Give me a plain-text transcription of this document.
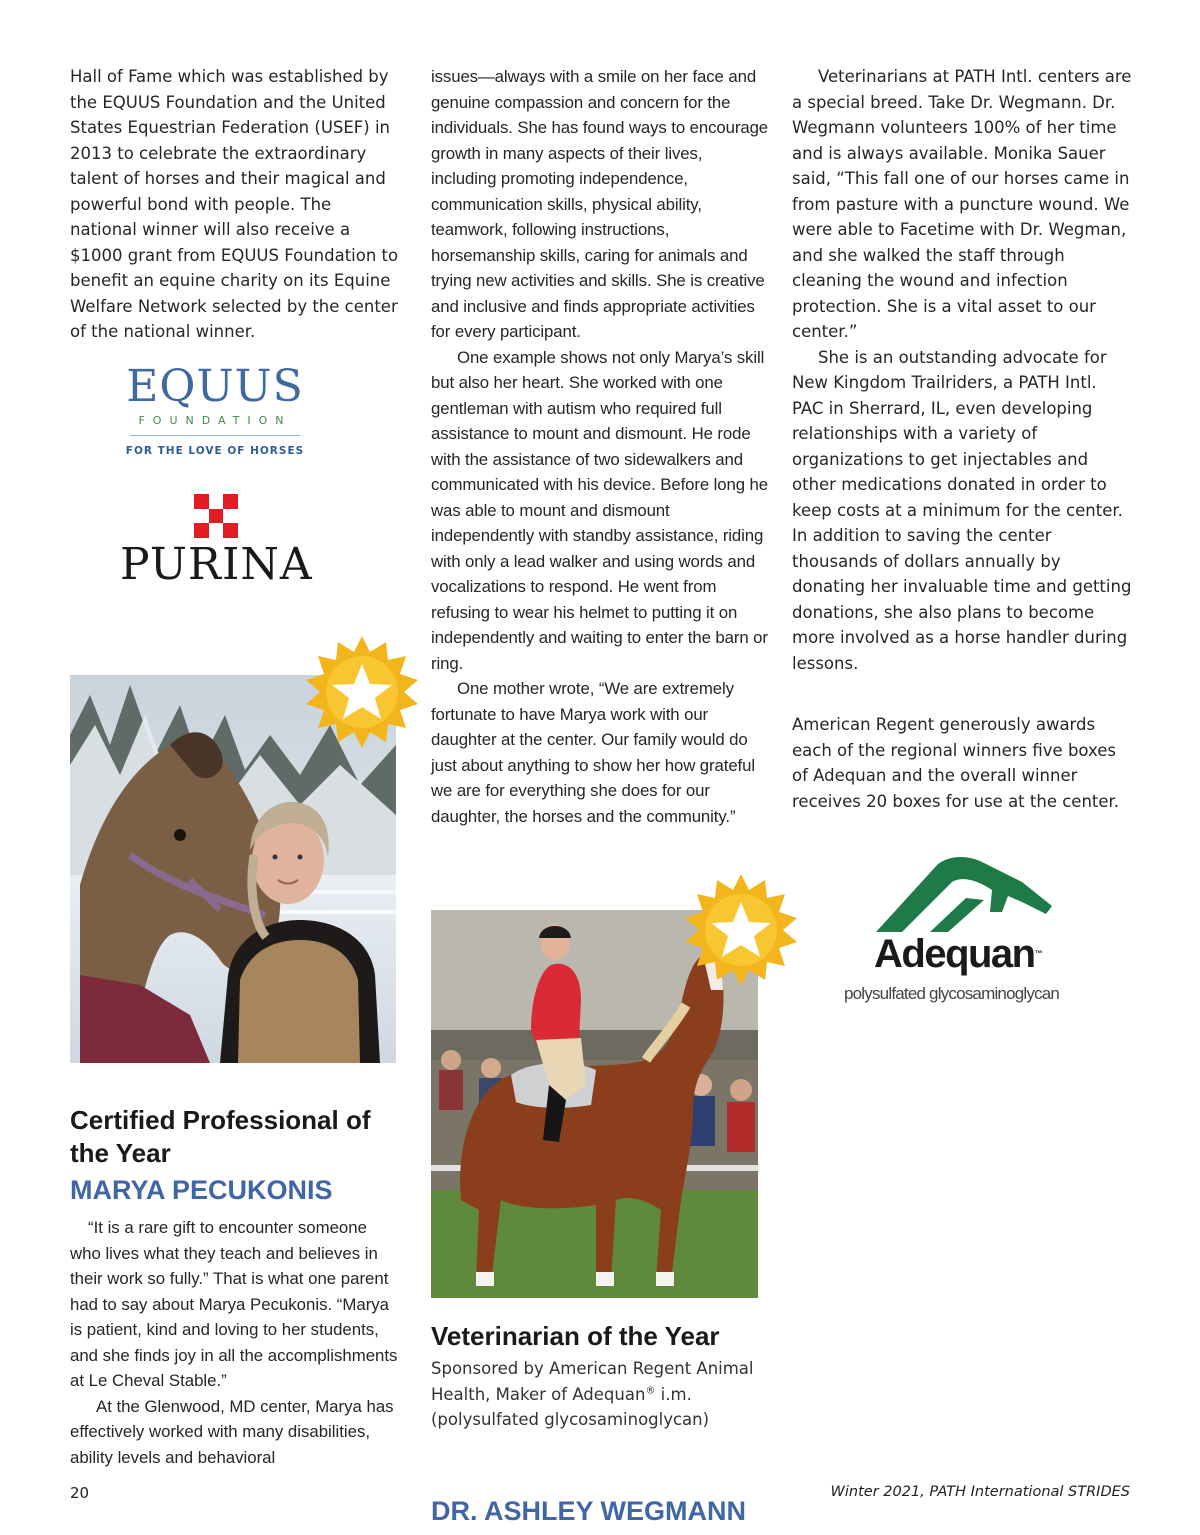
Hall of Fame which was established by the EQUUS Foundation and the United States Equestrian Federation (USEF) in 2013 to celebrate the extraordinary talent of horses and their magical and powerful bond with people. The national winner will also receive a $1000 grant from EQUUS Foundation to benefit an equine charity on its Equine Welfare Network selected by the center of the national winner.

EQUUS
FOUNDATION
FOR THE LOVE OF HORSES
PURINA
Certified Professional of the Year
MARYA PECUKONIS

“It is a rare gift to encounter someone who lives what they teach and believes in their work so fully.” That is what one parent had to say about Marya Pecukonis. “Marya is patient, kind and loving to her students, and she finds joy in all the accomplishments at Le Cheval Stable.”

At the Glenwood, MD center, Marya has effectively worked with many disabilities, ability levels and behavioral

issues—always with a smile on her face and genuine compassion and concern for the individuals. She has found ways to encourage growth in many aspects of their lives, including promoting independence, communication skills, physical ability, teamwork, following instructions, horsemanship skills, caring for animals and trying new activities and skills. She is creative and inclusive and finds appropriate activities for every participant.

One example shows not only Marya’s skill but also her heart. She worked with one gentleman with autism who required full assistance to mount and dismount. He rode with the assistance of two sidewalkers and communicated with his device. Before long he was able to mount and dismount independently with standby assistance, riding with only a lead walker and using words and vocalizations to respond. He went from refusing to wear his helmet to putting it on independently and waiting to enter the barn or ring.

One mother wrote, “We are extremely fortunate to have Marya work with our daughter at the center. Our family would do just about anything to show her how grateful we are for everything she does for our daughter, the horses and the community.”

Veterinarian of the Year
Sponsored by American Regent Animal Health, Maker of Adequan® i.m. (polysulfated glycosaminoglycan)
DR. ASHLEY WEGMANN

Veterinarians at PATH Intl. centers are a special breed. Take Dr. Wegmann. Dr. Wegmann volunteers 100% of her time and is always available. Monika Sauer said, “This fall one of our horses came in from pasture with a puncture wound. We were able to Facetime with Dr. Wegman, and she walked the staff through cleaning the wound and infection protection. She is a vital asset to our center.”

She is an outstanding advocate for New Kingdom Trailriders, a PATH Intl. PAC in Sherrard, IL, even developing relationships with a variety of organizations to get injectables and other medications donated in order to keep costs at a minimum for the center. In addition to saving the center thousands of dollars annually by donating her invaluable time and getting donations, she also plans to become more involved as a horse handler during lessons.

American Regent generously awards each of the regional winners five boxes of Adequan and the overall winner receives 20 boxes for use at the center.
Adequan™
polysulfated glycosaminoglycan
20	Winter 2021, PATH International STRIDES
